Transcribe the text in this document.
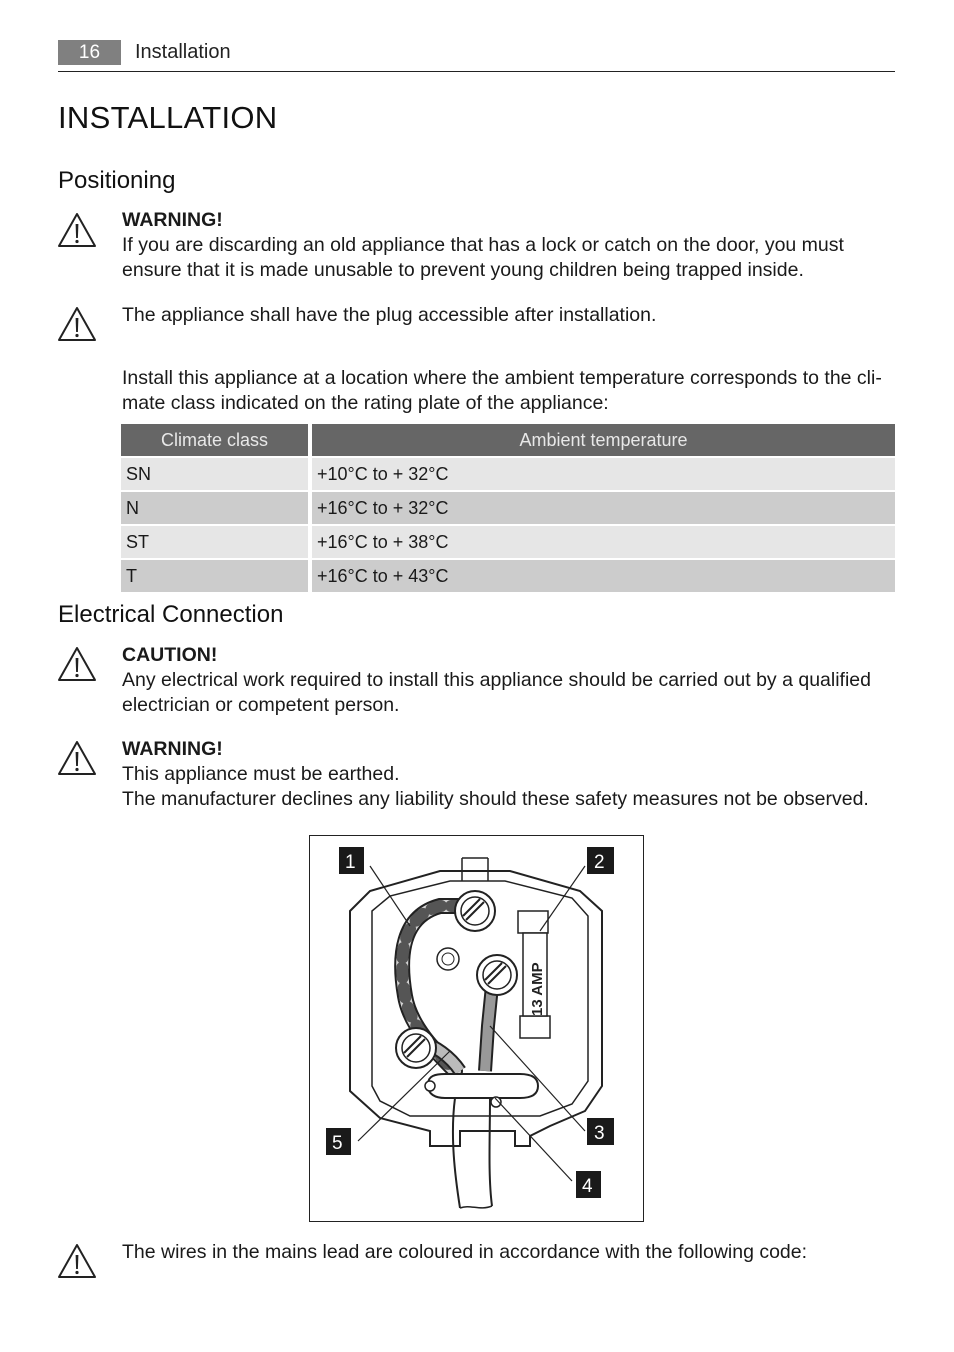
16	Installation
INSTALLATION
Positioning

WARNING!

If you are discarding an old appliance that has a lock or catch on the door, you must ensure that it is made unusable to prevent young children being trapped inside.

The appliance shall have the plug accessible after installation.
Install this appliance at a location where the ambient temperature corresponds to the cli-mate class indicated on the rating plate of the appliance:
Climate class	Ambient temperature
SN	+10°C to + 32°C
N	+16°C to + 32°C
ST	+16°C to + 38°C
T	+16°C to + 43°C
Electrical Connection

CAUTION!

Any electrical work required to install this appliance should be carried out by a qualified electrician or competent person.

WARNING!

This appliance must be earthed.

The manufacturer declines any liability should these safety measures not be observed.

13 AMP
1	2
3
4
5
The wires in the mains lead are coloured in accordance with the following code:
